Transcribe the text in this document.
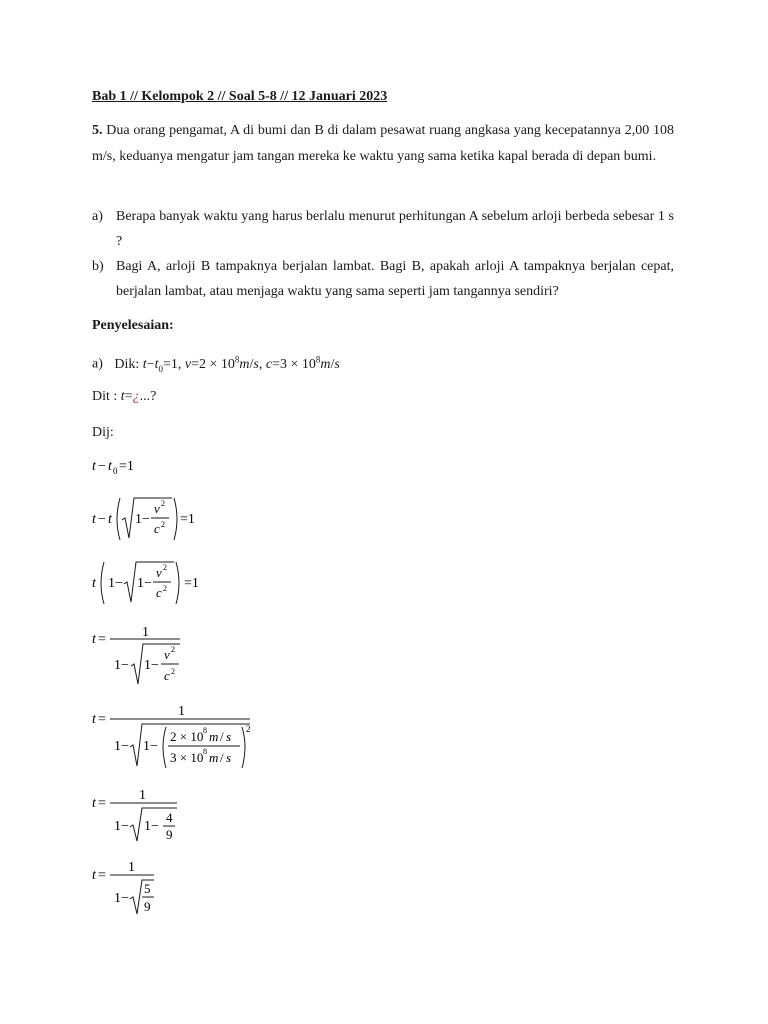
Bab 1 // Kelompok 2 // Soal 5-8 // 12 Januari 2023
5. Dua orang pengamat, A di bumi dan B di dalam pesawat ruang angkasa yang kecepatannya 2,00 108 m/s, keduanya mengatur jam tangan mereka ke waktu yang sama ketika kapal berada di depan bumi.
a) Berapa banyak waktu yang harus berlalu menurut perhitungan A sebelum arloji berbeda sebesar 1 s ?
b) Bagi A, arloji B tampaknya berjalan lambat. Bagi B, apakah arloji A tampaknya berjalan cepat, berjalan lambat, atau menjaga waktu yang sama seperti jam tangannya sendiri?
Penyelesaian:
a) Dik: $t-t_0=1$, $v=2 \times 10^8m/s$, $c=3 \times 10^8m/s$
Dit : t=¿...?
Dij:
t − t 0 =1
t − t 1−
v 2
c 2 =1
t 1− 1−
v 2
c 2 =1
t =	1
1− 1−
v 2
c 2
t =
1
1− 1−
2 × 10 8 m / s
3 × 10 8 m / s
2
t =
1
1− 1−
4
9
t =
1
1−
5
9
